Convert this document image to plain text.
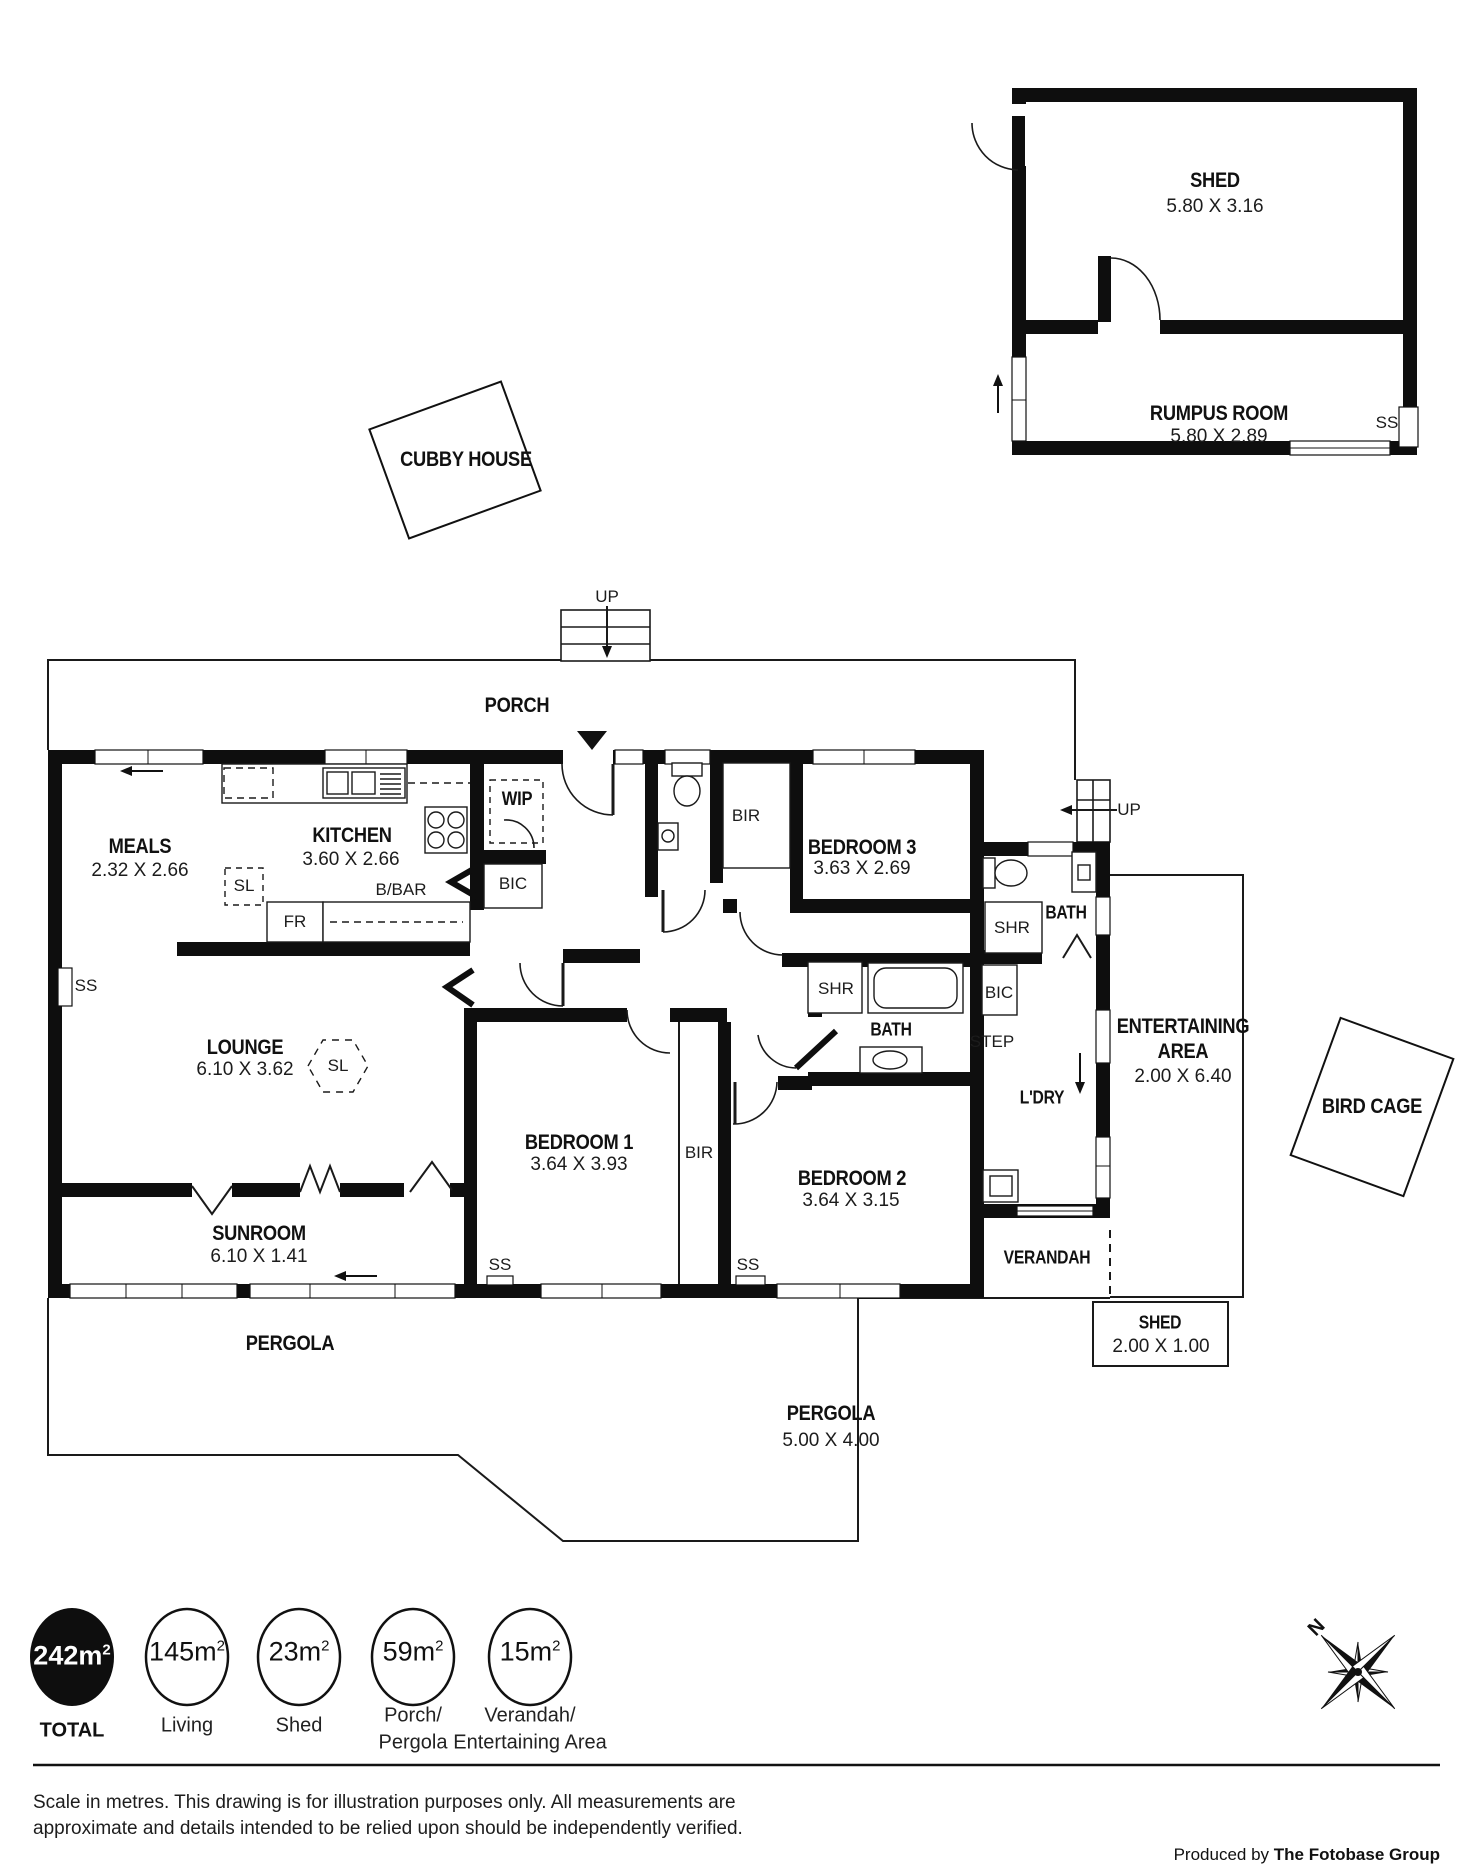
SHED
5.80 X 3.16
RUMPUS ROOM
5.80 X 2.89
SS
CUBBY HOUSE
BIRD CAGE
PORCH
UP
UP
MEALS
2.32 X 2.66
KITCHEN
3.60 X 2.66
WIP
B/BAR
FR
SL
SS
LOUNGE
6.10 X 3.62 SL
SUNROOM
6.10 X 1.41
BEDROOM 1
3.64 X 3.93
BIR
BEDROOM 2
3.64 X 3.15
BEDROOM 3
3.63 X 2.69
BIR
BIC
BATH
SHR
BATH
SHR	BIC
STEP
L'DRY
SS	SS
ENTERTAINING AREA
2.00 X 6.40
VERANDAH
PERGOLA
PERGOLA
5.00 X 4.00
SHED
2.00 X 1.00
$242m^2$ $145m^2$ $23m^2$ $59m^2$ $15m^2$
TOTAL	Living	Shed	Porch/
Pergola
Verandah/
Entertaining Area
N
Scale in metres. This drawing is for illustration purposes only. All measurements are
approximate and details intended to be relied upon should be independently verified.
Produced by The Fotobase Group
